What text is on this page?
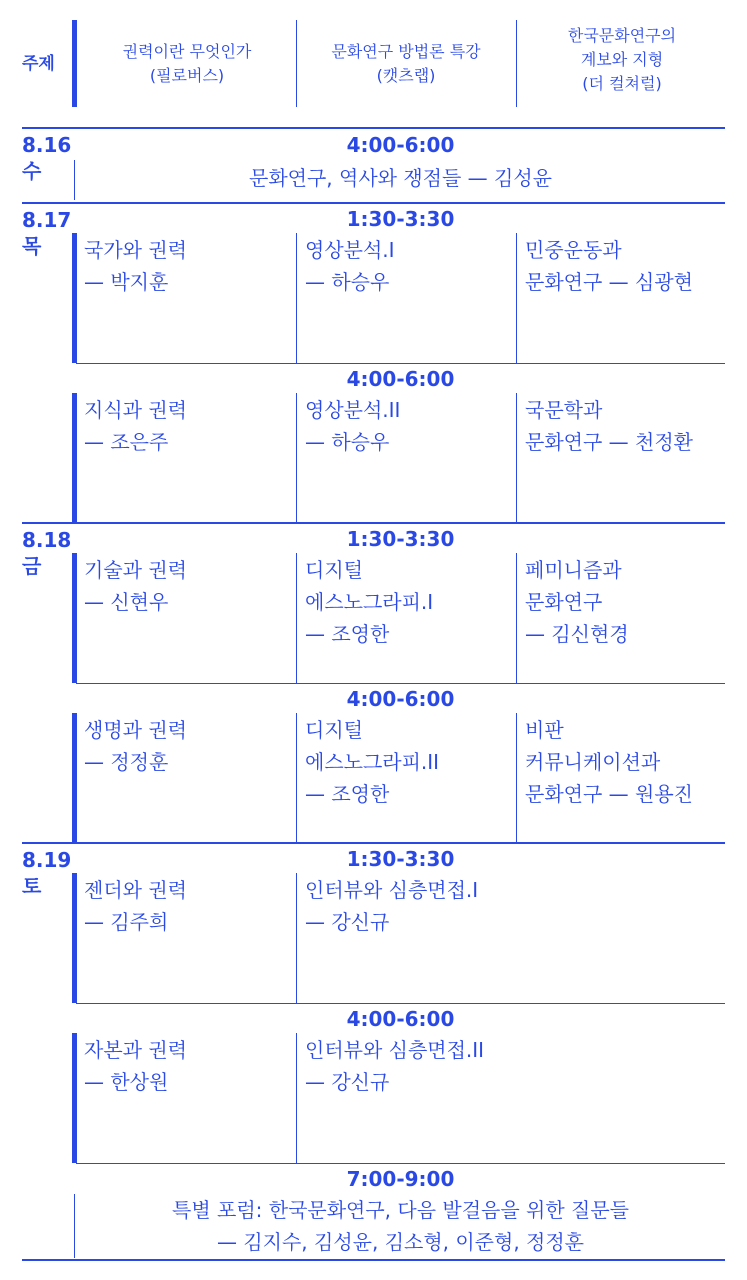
주제
권력이란 무엇인가
(필로버스)
문화연구 방법론 특강
(캣츠랩)
한국문화연구의
계보와 지형
(더 컬쳐럴)
8.16
수
4:00-6:00
문화연구, 역사와 쟁점들 — 김성윤
8.17
목
1:30-3:30
국가와 권력
— 박지훈
영상분석.I
— 하승우
민중운동과
문화연구 — 심광현
4:00-6:00
지식과 권력
— 조은주
영상분석.II
— 하승우
국문학과
문화연구 — 천정환
8.18
금
1:30-3:30
기술과 권력
— 신현우
디지털
에스노그라피.I
— 조영한
페미니즘과
문화연구
— 김신현경
4:00-6:00
생명과 권력
— 정정훈
디지털
에스노그라피.II
— 조영한
비판
커뮤니케이션과
문화연구 — 원용진
8.19
토
1:30-3:30
젠더와 권력
— 김주희
인터뷰와 심층면접.I
— 강신규
4:00-6:00
자본과 권력
— 한상원
인터뷰와 심층면접.II
— 강신규
7:00-9:00
특별 포럼: 한국문화연구, 다음 발걸음을 위한 질문들
— 김지수, 김성윤, 김소형, 이준형, 정정훈
